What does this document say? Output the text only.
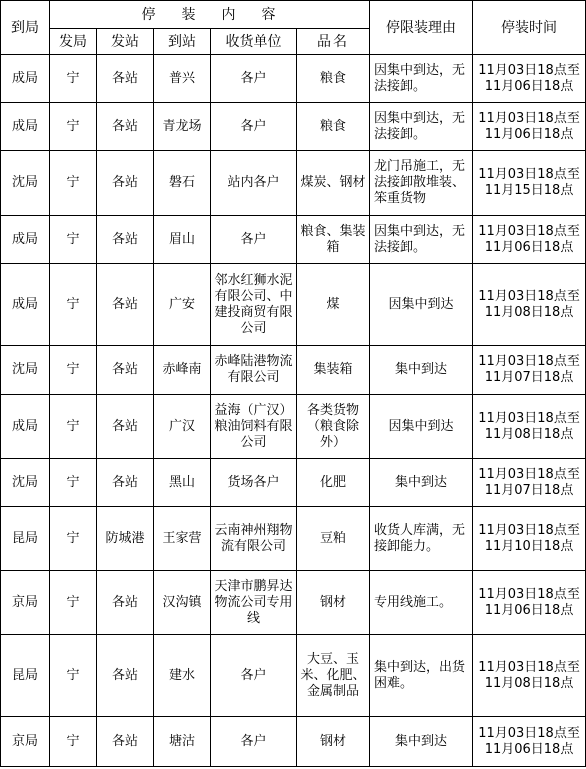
到局	停装内容					停限装理由	停装时间
	发局	发站	到站	收货单位	品名		
成局	宁	各站	普兴	各户	粮食	因集中到达，无法接卸。	11月03日18点至
11月06日18点

成局	宁	各站	青龙场	各户	粮食	因集中到达，无法接卸。	11月03日18点至
11月06日18点

沈局	宁	各站	磐石	站内各户	煤炭、钢材	龙门吊施工，无法接卸散堆装、笨重货物	11月03日18点至
11月15日18点

成局	宁	各站	眉山	各户	粮食、集装箱	因集中到达，无法接卸。	11月03日18点至
11月06日18点

成局	宁	各站	广安	邻水红狮水泥有限公司、中建投商贸有限公司	煤	因集中到达	11月03日18点至
11月08日18点

沈局	宁	各站	赤峰南	赤峰陆港物流有限公司	集装箱	集中到达	11月03日18点至
11月07日18点

成局	宁	各站	广汉	益海（广汉）粮油饲料有限公司	各类货物（粮食除外）	因集中到达	11月03日18点至
11月08日18点

沈局	宁	各站	黑山	货场各户	化肥	集中到达	11月03日18点至
11月07日18点

昆局	宁	防城港	王家营	云南神州翔物流有限公司	豆粕	收货人库满，无接卸能力。	11月03日18点至
11月10日18点

京局	宁	各站	汉沟镇	天津市鹏昇达物流公司专用线	钢材	专用线施工。	11月03日18点至
11月06日18点

昆局	宁	各站	建水	各户	大豆、玉米、化肥、金属制品	集中到达，出货困难。	11月03日18点至
11月08日18点

京局	宁	各站	塘沽	各户	钢材	集中到达	11月03日18点至
11月06日18点
